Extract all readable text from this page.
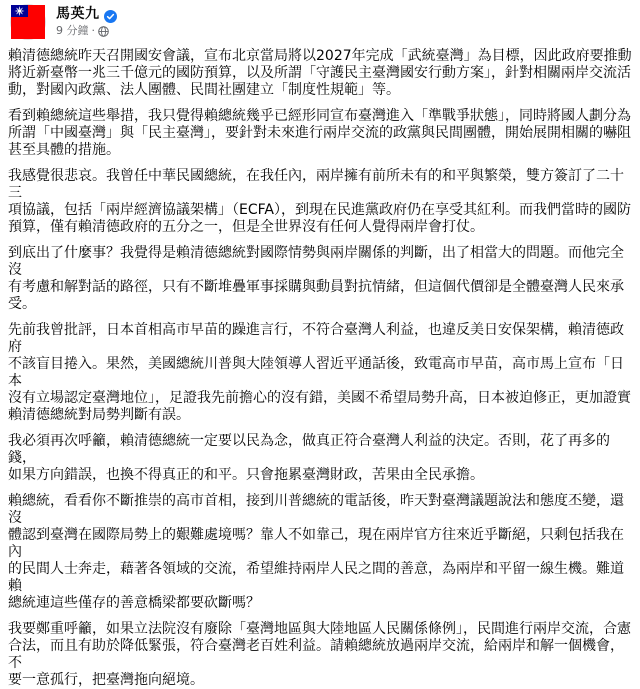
馬英九
9 分鐘 ·

賴清德總統昨天召開國安會議，宣布北京當局將以2027年完成「武統臺灣」為目標，因此政府要推動
將近新臺幣一兆三千億元的國防預算，以及所謂「守護民主臺灣國安行動方案」，針對相關兩岸交流活
動，對國內政黨、法人團體、民間社團建立「制度性規範」等。

看到賴總統這些舉措，我只覺得賴總統幾乎已經形同宣布臺灣進入「準戰爭狀態」，同時將國人劃分為
所謂「中國臺灣」與「民主臺灣」，要針對未來進行兩岸交流的政黨與民間團體，開始展開相關的嚇阻
甚至具體的措施。

我感覺很悲哀。我曾任中華民國總統，在我任內，兩岸擁有前所未有的和平與繁榮，雙方簽訂了二十三
項協議，包括「兩岸經濟協議架構」（ECFA），到現在民進黨政府仍在享受其紅利。而我們當時的國防
預算，僅有賴清德政府的五分之一，但是全世界沒有任何人覺得兩岸會打仗。

到底出了什麼事？我覺得是賴清德總統對國際情勢與兩岸關係的判斷，出了相當大的問題。而他完全沒
有考慮和解對話的路徑，只有不斷堆疊軍事採購與動員對抗情緒，但這個代價卻是全體臺灣人民來承
受。

先前我曾批評，日本首相高市早苗的躁進言行，不符合臺灣人利益，也違反美日安保架構，賴清德政府
不該盲目捲入。果然，美國總統川普與大陸領導人習近平通話後，致電高市早苗，高市馬上宣布「日本
沒有立場認定臺灣地位」，足證我先前擔心的沒有錯，美國不希望局勢升高，日本被迫修正，更加證實
賴清德總統對局勢判斷有誤。

我必須再次呼籲，賴清德總統一定要以民為念，做真正符合臺灣人利益的決定。否則，花了再多的錢，
如果方向錯誤，也換不得真正的和平。只會拖累臺灣財政，苦果由全民承擔。

賴總統，看看你不斷推崇的高市首相，接到川普總統的電話後，昨天對臺灣議題說法和態度丕變，還沒
體認到臺灣在國際局勢上的艱難處境嗎？靠人不如靠己，現在兩岸官方往來近乎斷絕，只剩包括我在內
的民間人士奔走，藉著各領域的交流，希望維持兩岸人民之間的善意，為兩岸和平留一線生機。難道賴
總統連這些僅存的善意橋梁都要砍斷嗎？

我要鄭重呼籲，如果立法院沒有廢除「臺灣地區與大陸地區人民關係條例」，民間進行兩岸交流，合憲
合法，而且有助於降低緊張，符合臺灣老百姓利益。請賴總統放過兩岸交流，給兩岸和解一個機會，不
要一意孤行，把臺灣拖向絕境。
